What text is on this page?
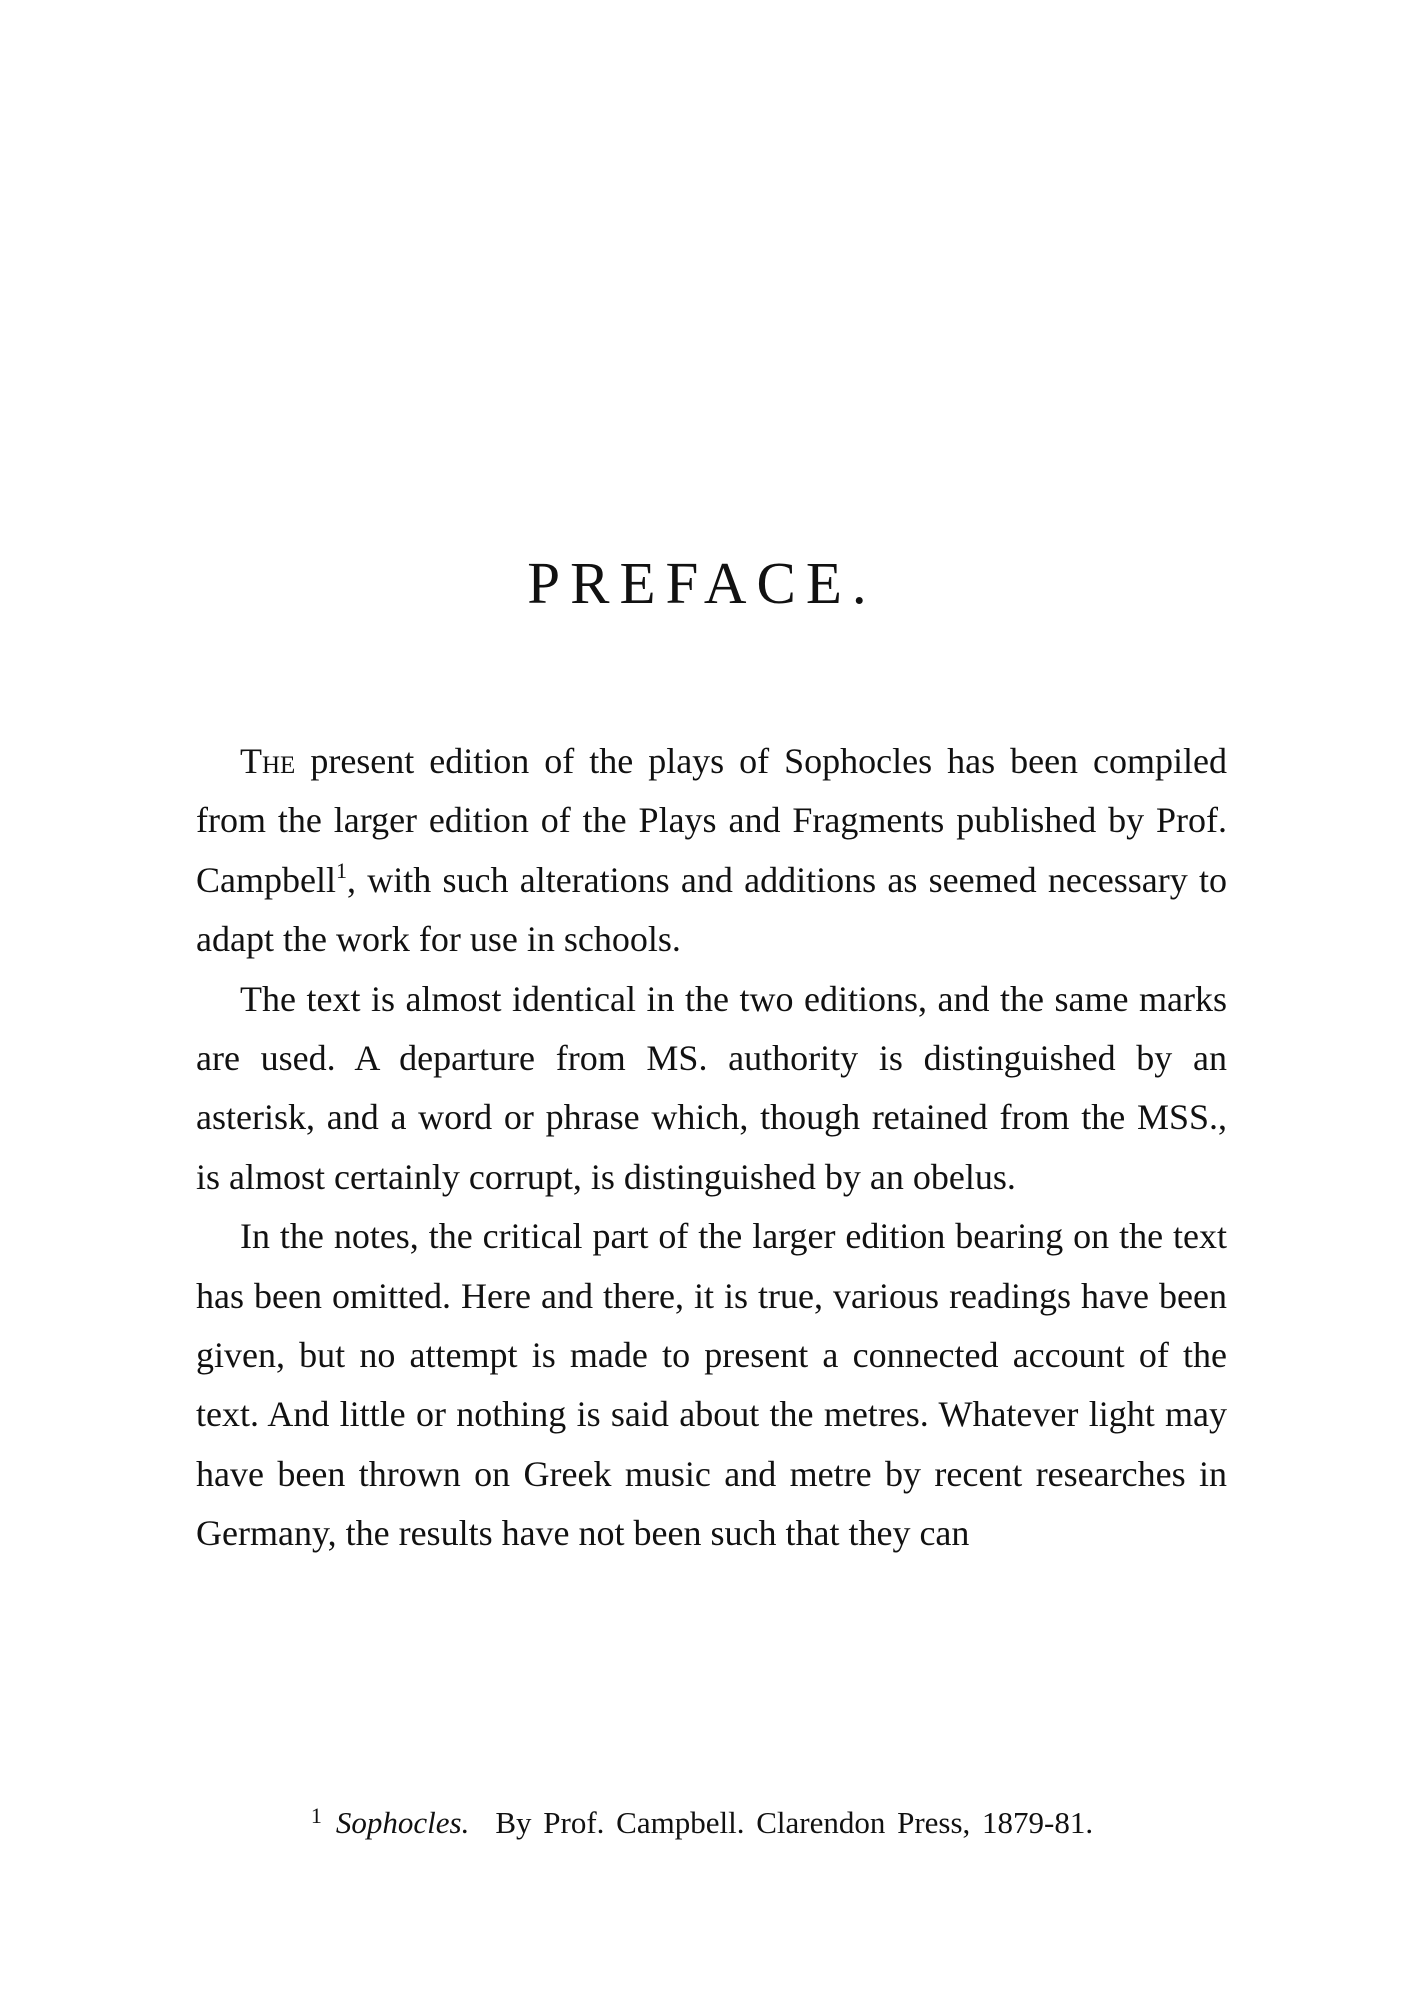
PREFACE.

The present edition of the plays of Sophocles has been compiled from the larger edition of the Plays and Fragments published by Prof. Campbell$^1$, with such alterations and additions as seemed necessary to adapt the work for use in schools.

The text is almost identical in the two editions, and the same marks are used. A departure from MS. authority is distinguished by an asterisk, and a word or phrase which, though retained from the MSS., is almost certainly corrupt, is distinguished by an obelus.

In the notes, the critical part of the larger edition bearing on the text has been omitted. Here and there, it is true, various readings have been given, but no attempt is made to present a connected account of the text. And little or nothing is said about the metres. Whatever light may have been thrown on Greek music and metre by recent researches in Germany, the results have not been such that they can

$^1$ Sophocles. By Prof. Campbell. Clarendon Press, 1879-81.
